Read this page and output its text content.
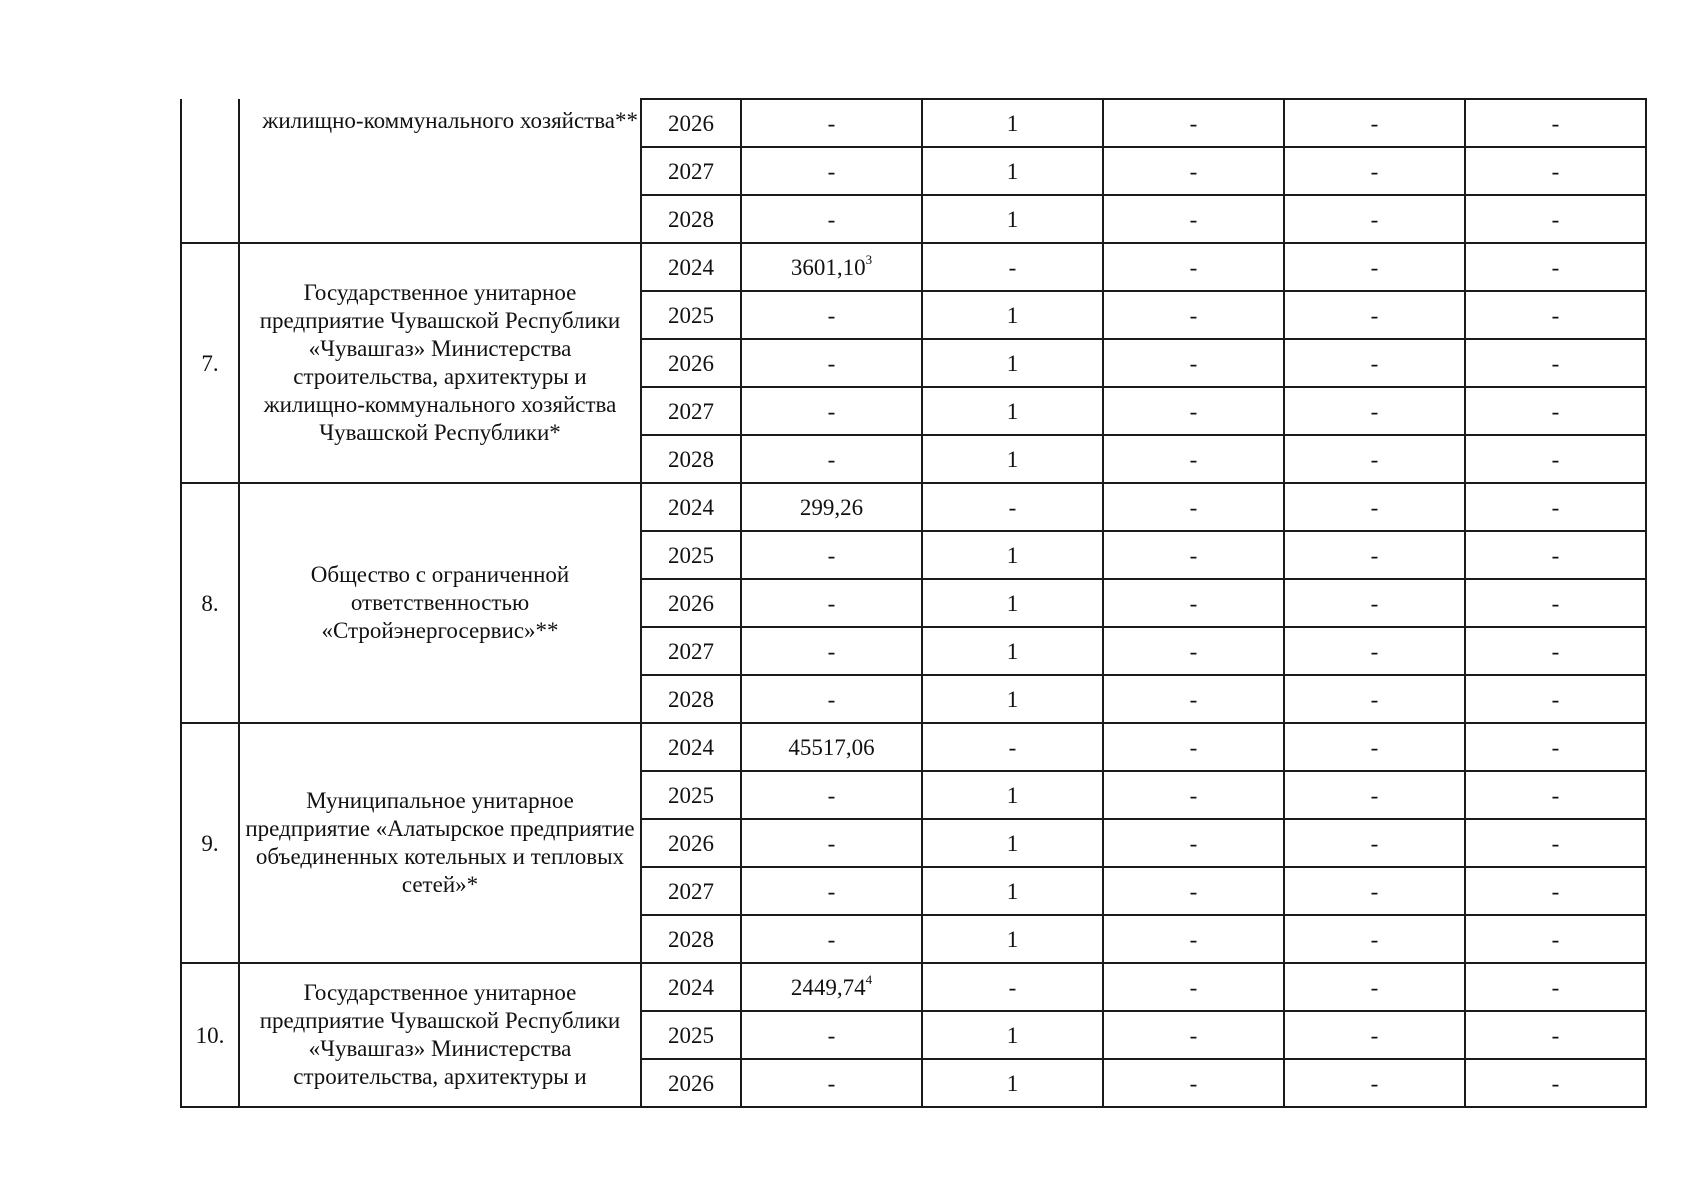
	жилищно-коммунального хозяйства**	2026	-	1	-	-	-
		2027	-	1	-	-	-
		2028	-	1	-	-	-
7.	Государственное унитарное предприятие Чувашской Республики «Чувашгаз» Министерства строительства, архитектуры и жилищно-коммунального хозяйства Чувашской Республики*	2024	3601,10$^3$	-	-	-	-
		2025	-	1	-	-	-
		2026	-	1	-	-	-
		2027	-	1	-	-	-
		2028	-	1	-	-	-
8.	Общество с ограниченной ответственностью «Стройэнергосервис»**	2024	299,26	-	-	-	-
		2025	-	1	-	-	-
		2026	-	1	-	-	-
		2027	-	1	-	-	-
		2028	-	1	-	-	-
9.	Муниципальное унитарное предприятие «Алатырское предприятие объединенных котельных и тепловых сетей»*	2024	45517,06	-	-	-	-
		2025	-	1	-	-	-
		2026	-	1	-	-	-
		2027	-	1	-	-	-
		2028	-	1	-	-	-
10.	Государственное унитарное предприятие Чувашской Республики «Чувашгаз» Министерства строительства, архитектуры и	2024	2449,74$^4$	-	-	-	-
		2025	-	1	-	-	-
		2026	-	1	-	-	-
